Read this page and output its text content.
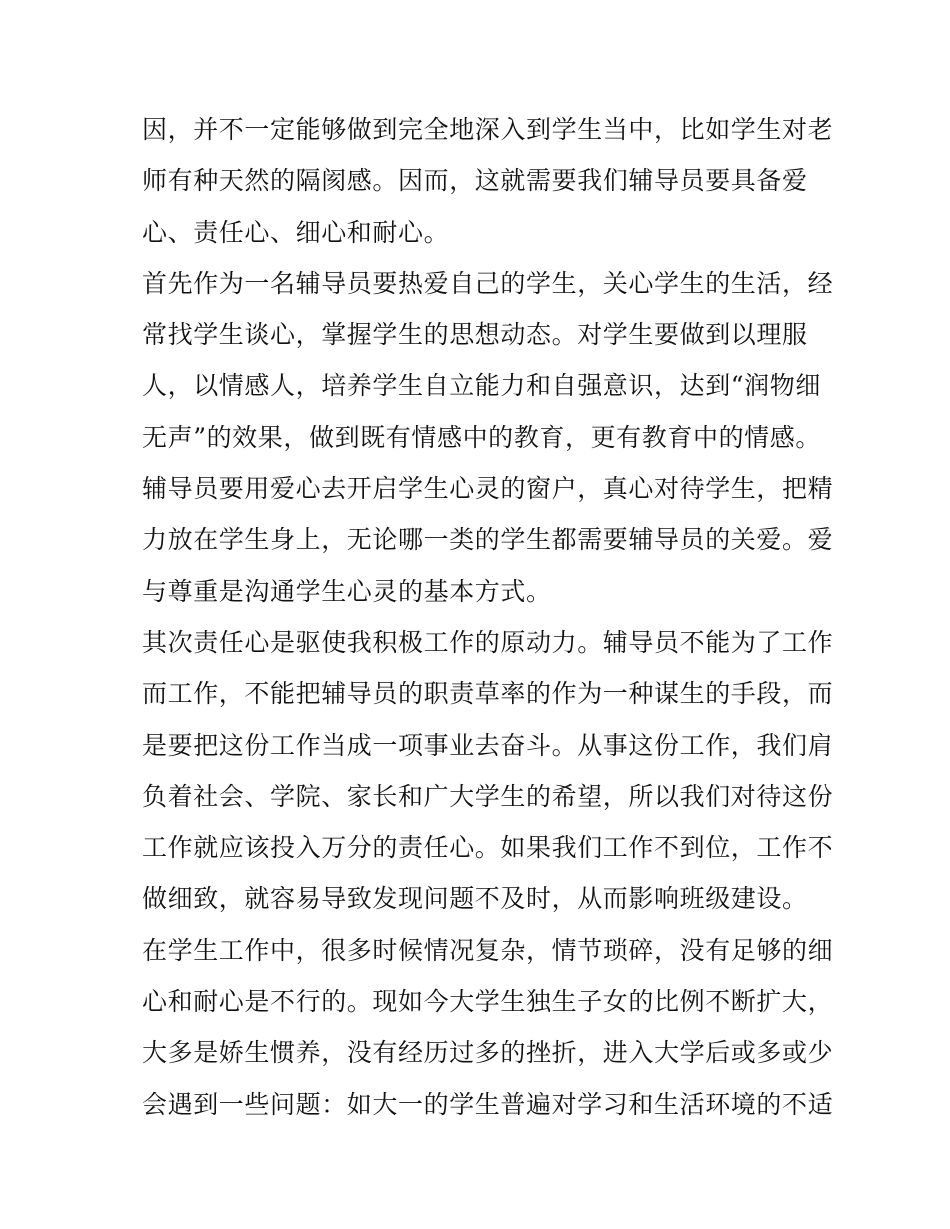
因，并不一定能够做到完全地深入到学生当中，比如学生对老
师有种天然的隔阂感。因而，这就需要我们辅导员要具备爱
心、责任心、细心和耐心。
首先作为一名辅导员要热爱自己的学生，关心学生的生活，经
常找学生谈心，掌握学生的思想动态。对学生要做到以理服
人，以情感人，培养学生自立能力和自强意识，达到“润物细
无声”的效果，做到既有情感中的教育，更有教育中的情感。
辅导员要用爱心去开启学生心灵的窗户，真心对待学生，把精
力放在学生身上，无论哪一类的学生都需要辅导员的关爱。爱
与尊重是沟通学生心灵的基本方式。
其次责任心是驱使我积极工作的原动力。辅导员不能为了工作
而工作，不能把辅导员的职责草率的作为一种谋生的手段，而
是要把这份工作当成一项事业去奋斗。从事这份工作，我们肩
负着社会、学院、家长和广大学生的希望，所以我们对待这份
工作就应该投入万分的责任心。如果我们工作不到位，工作不
做细致，就容易导致发现问题不及时，从而影响班级建设。
在学生工作中，很多时候情况复杂，情节琐碎，没有足够的细
心和耐心是不行的。现如今大学生独生子女的比例不断扩大，
大多是娇生惯养，没有经历过多的挫折，进入大学后或多或少
会遇到一些问题：如大一的学生普遍对学习和生活环境的不适
